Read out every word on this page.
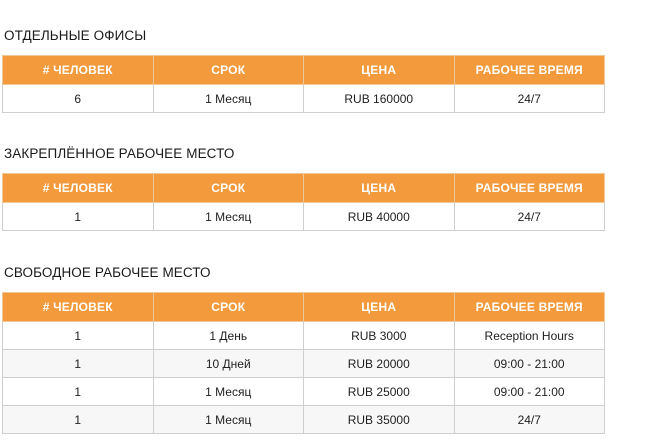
ОТДЕЛЬНЫЕ ОФИСЫ
# ЧЕЛОВЕК	СРОК	ЦЕНА	РАБОЧЕЕ ВРЕМЯ
6	1 Месяц	RUB 160000	24/7
ЗАКРЕПЛЁННОЕ РАБОЧЕЕ МЕСТО
# ЧЕЛОВЕК	СРОК	ЦЕНА	РАБОЧЕЕ ВРЕМЯ
1	1 Месяц	RUB 40000	24/7
СВОБОДНОЕ РАБОЧЕЕ МЕСТО
# ЧЕЛОВЕК	СРОК	ЦЕНА	РАБОЧЕЕ ВРЕМЯ
1	1 День	RUB 3000	Reception Hours
1	10 Дней	RUB 20000	09:00 - 21:00
1	1 Месяц	RUB 25000	09:00 - 21:00
1	1 Месяц	RUB 35000	24/7
